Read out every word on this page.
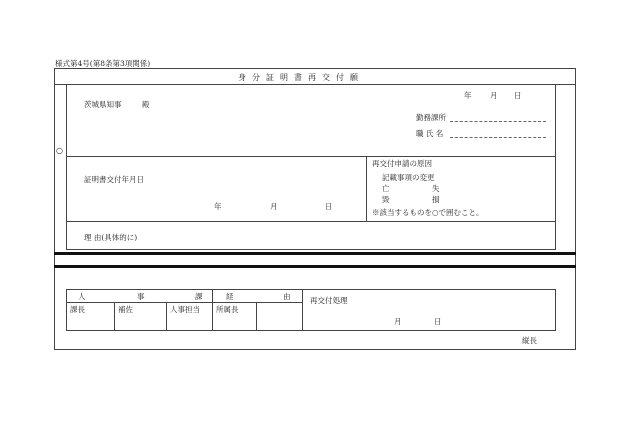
様式第4号(第8条第3項関係)
身分証明書再交付願
年 月 日
茨城県知事	殿
勤務課所
職 氏 名
○
証明書交付年月日
年	月	日
再交付申請の原因
記載事項の変更
亡	失
毀	損
※該当するものを○で囲むこと。
理 由(具体的に)
人	事	課	経	由
課長	補佐	人事担当 所属長
再交付処理
月	日
縦長
